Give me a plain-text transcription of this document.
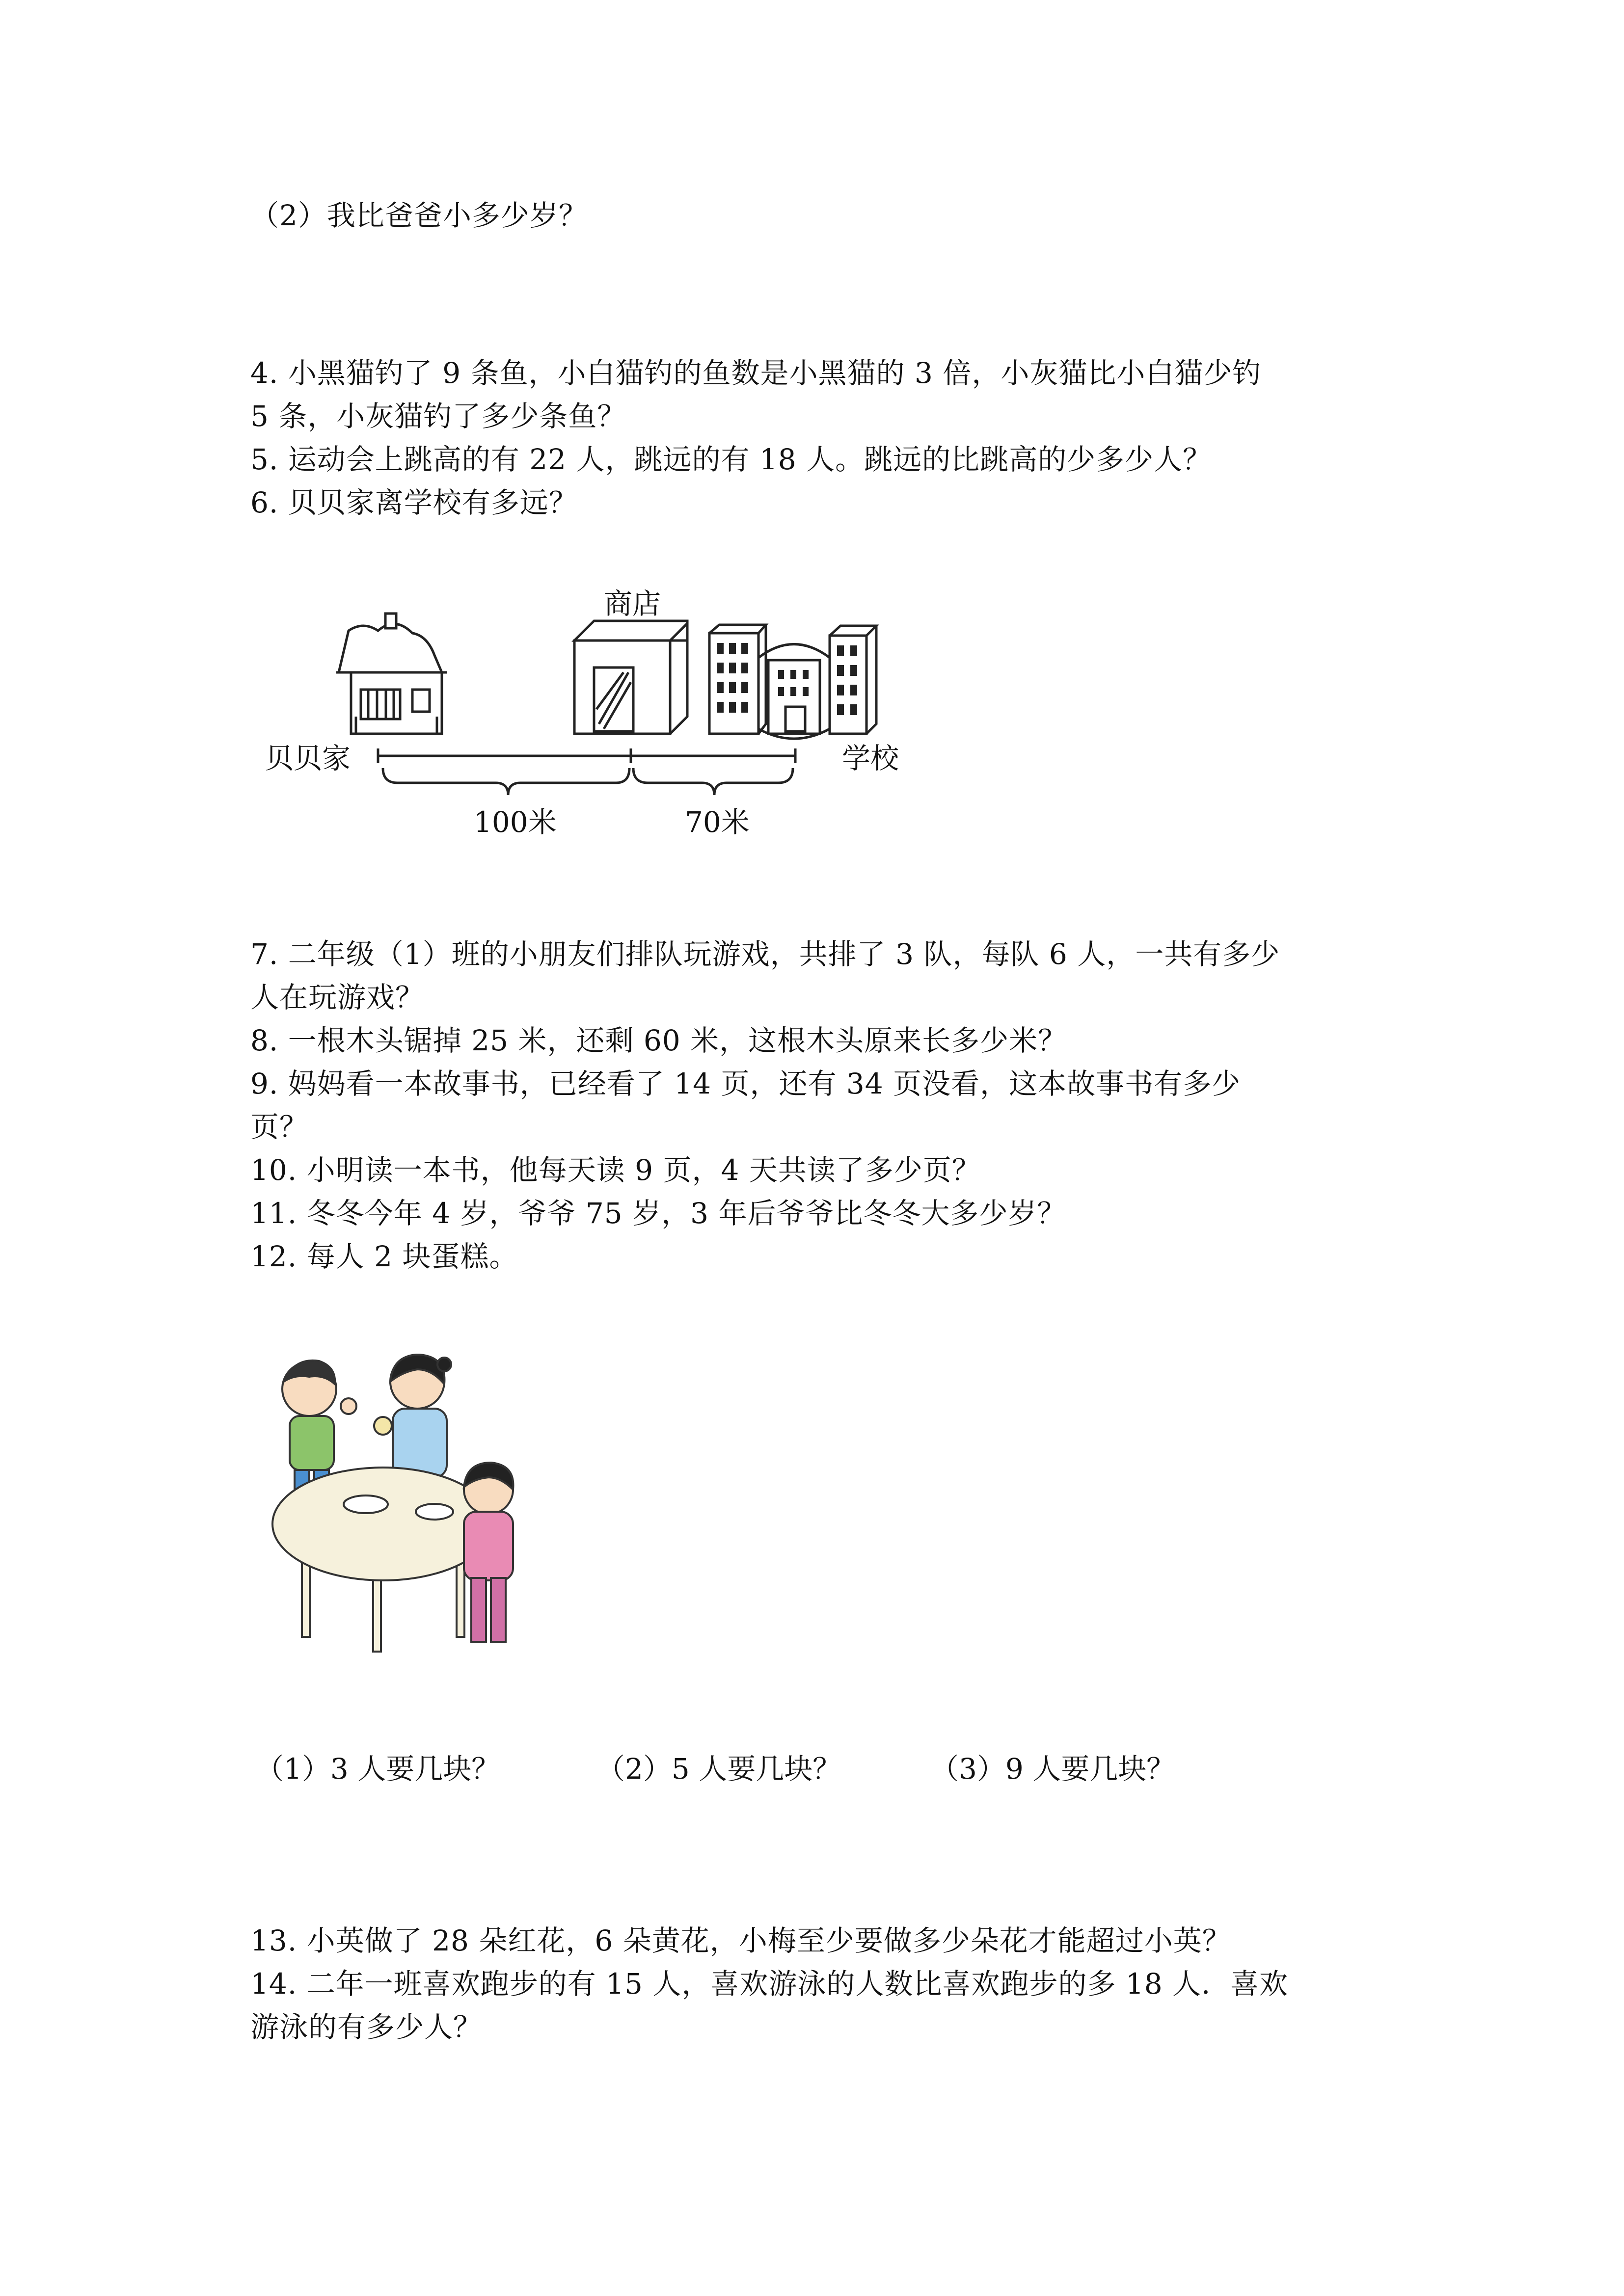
（2）我比爸爸小多少岁？
4. 小黑猫钓了 9 条鱼，小白猫钓的鱼数是小黑猫的 3 倍，小灰猫比小白猫少钓
5 条，小灰猫钓了多少条鱼？
5. 运动会上跳高的有 22 人，跳远的有 18 人。跳远的比跳高的少多少人？
6. 贝贝家离学校有多远？
商店
贝贝家	学校
100米	70米
7. 二年级（1）班的小朋友们排队玩游戏，共排了 3 队，每队 6 人，一共有多少
人在玩游戏？
8. 一根木头锯掉 25 米，还剩 60 米，这根木头原来长多少米？
9. 妈妈看一本故事书，已经看了 14 页，还有 34 页没看，这本故事书有多少
页？
10. 小明读一本书，他每天读 9 页，4 天共读了多少页？
11. 冬冬今年 4 岁，爷爷 75 岁，3 年后爷爷比冬冬大多少岁？
12. 每人 2 块蛋糕。
（1）3 人要几块？	（2）5 人要几块？	（3）9 人要几块？
13. 小英做了 28 朵红花，6 朵黄花，小梅至少要做多少朵花才能超过小英？
14. 二年一班喜欢跑步的有 15 人，喜欢游泳的人数比喜欢跑步的多 18 人．喜欢
游泳的有多少人？
